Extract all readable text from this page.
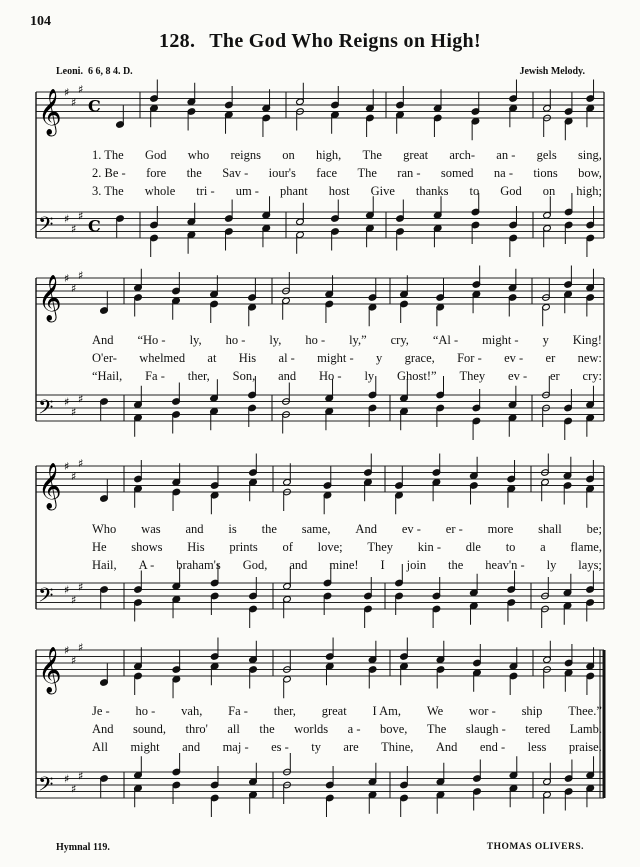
104
128. The God Who Reigns on High!
Leoni. 6 6, 8 4. D.	Jewish Melody.
𝄞
𝄢
♯
♯
♯
♯
♯
♯
C
C
𝄞
𝄢
♯
♯
♯
♯
♯
♯
𝄞
𝄢
♯
♯
♯
♯
♯
♯
𝄞
𝄢
♯
♯
♯
♯
♯
♯
1. The God who reigns on high, The great arch- an - gels sing,
2. Be - fore the Sav - iour's face The ran - somed na - tions bow,
3. The whole tri - um - phant host Give thanks to God on high;
And “Ho - ly, ho - ly, ho - ly,” cry, “Al - might - y King!
O'er- whelmed at His al - might - y grace, For - ev - er new:
“Hail, Fa - ther, Son, and Ho - ly Ghost!” They ev - er cry:
Who was and is the same, And ev - er - more shall be;
He shows His prints of love; They kin - dle to a flame,
Hail, A - braham's God, and mine! I join the heav'n - ly lays;
Je - ho - vah, Fa - ther, great I Am, We wor - ship Thee.”
And sound, thro' all the worlds a - bove, The slaugh - tered Lamb.
All might and maj - es - ty are Thine, And end - less praise.
Hymnal 119.	THOMAS OLIVERS.
